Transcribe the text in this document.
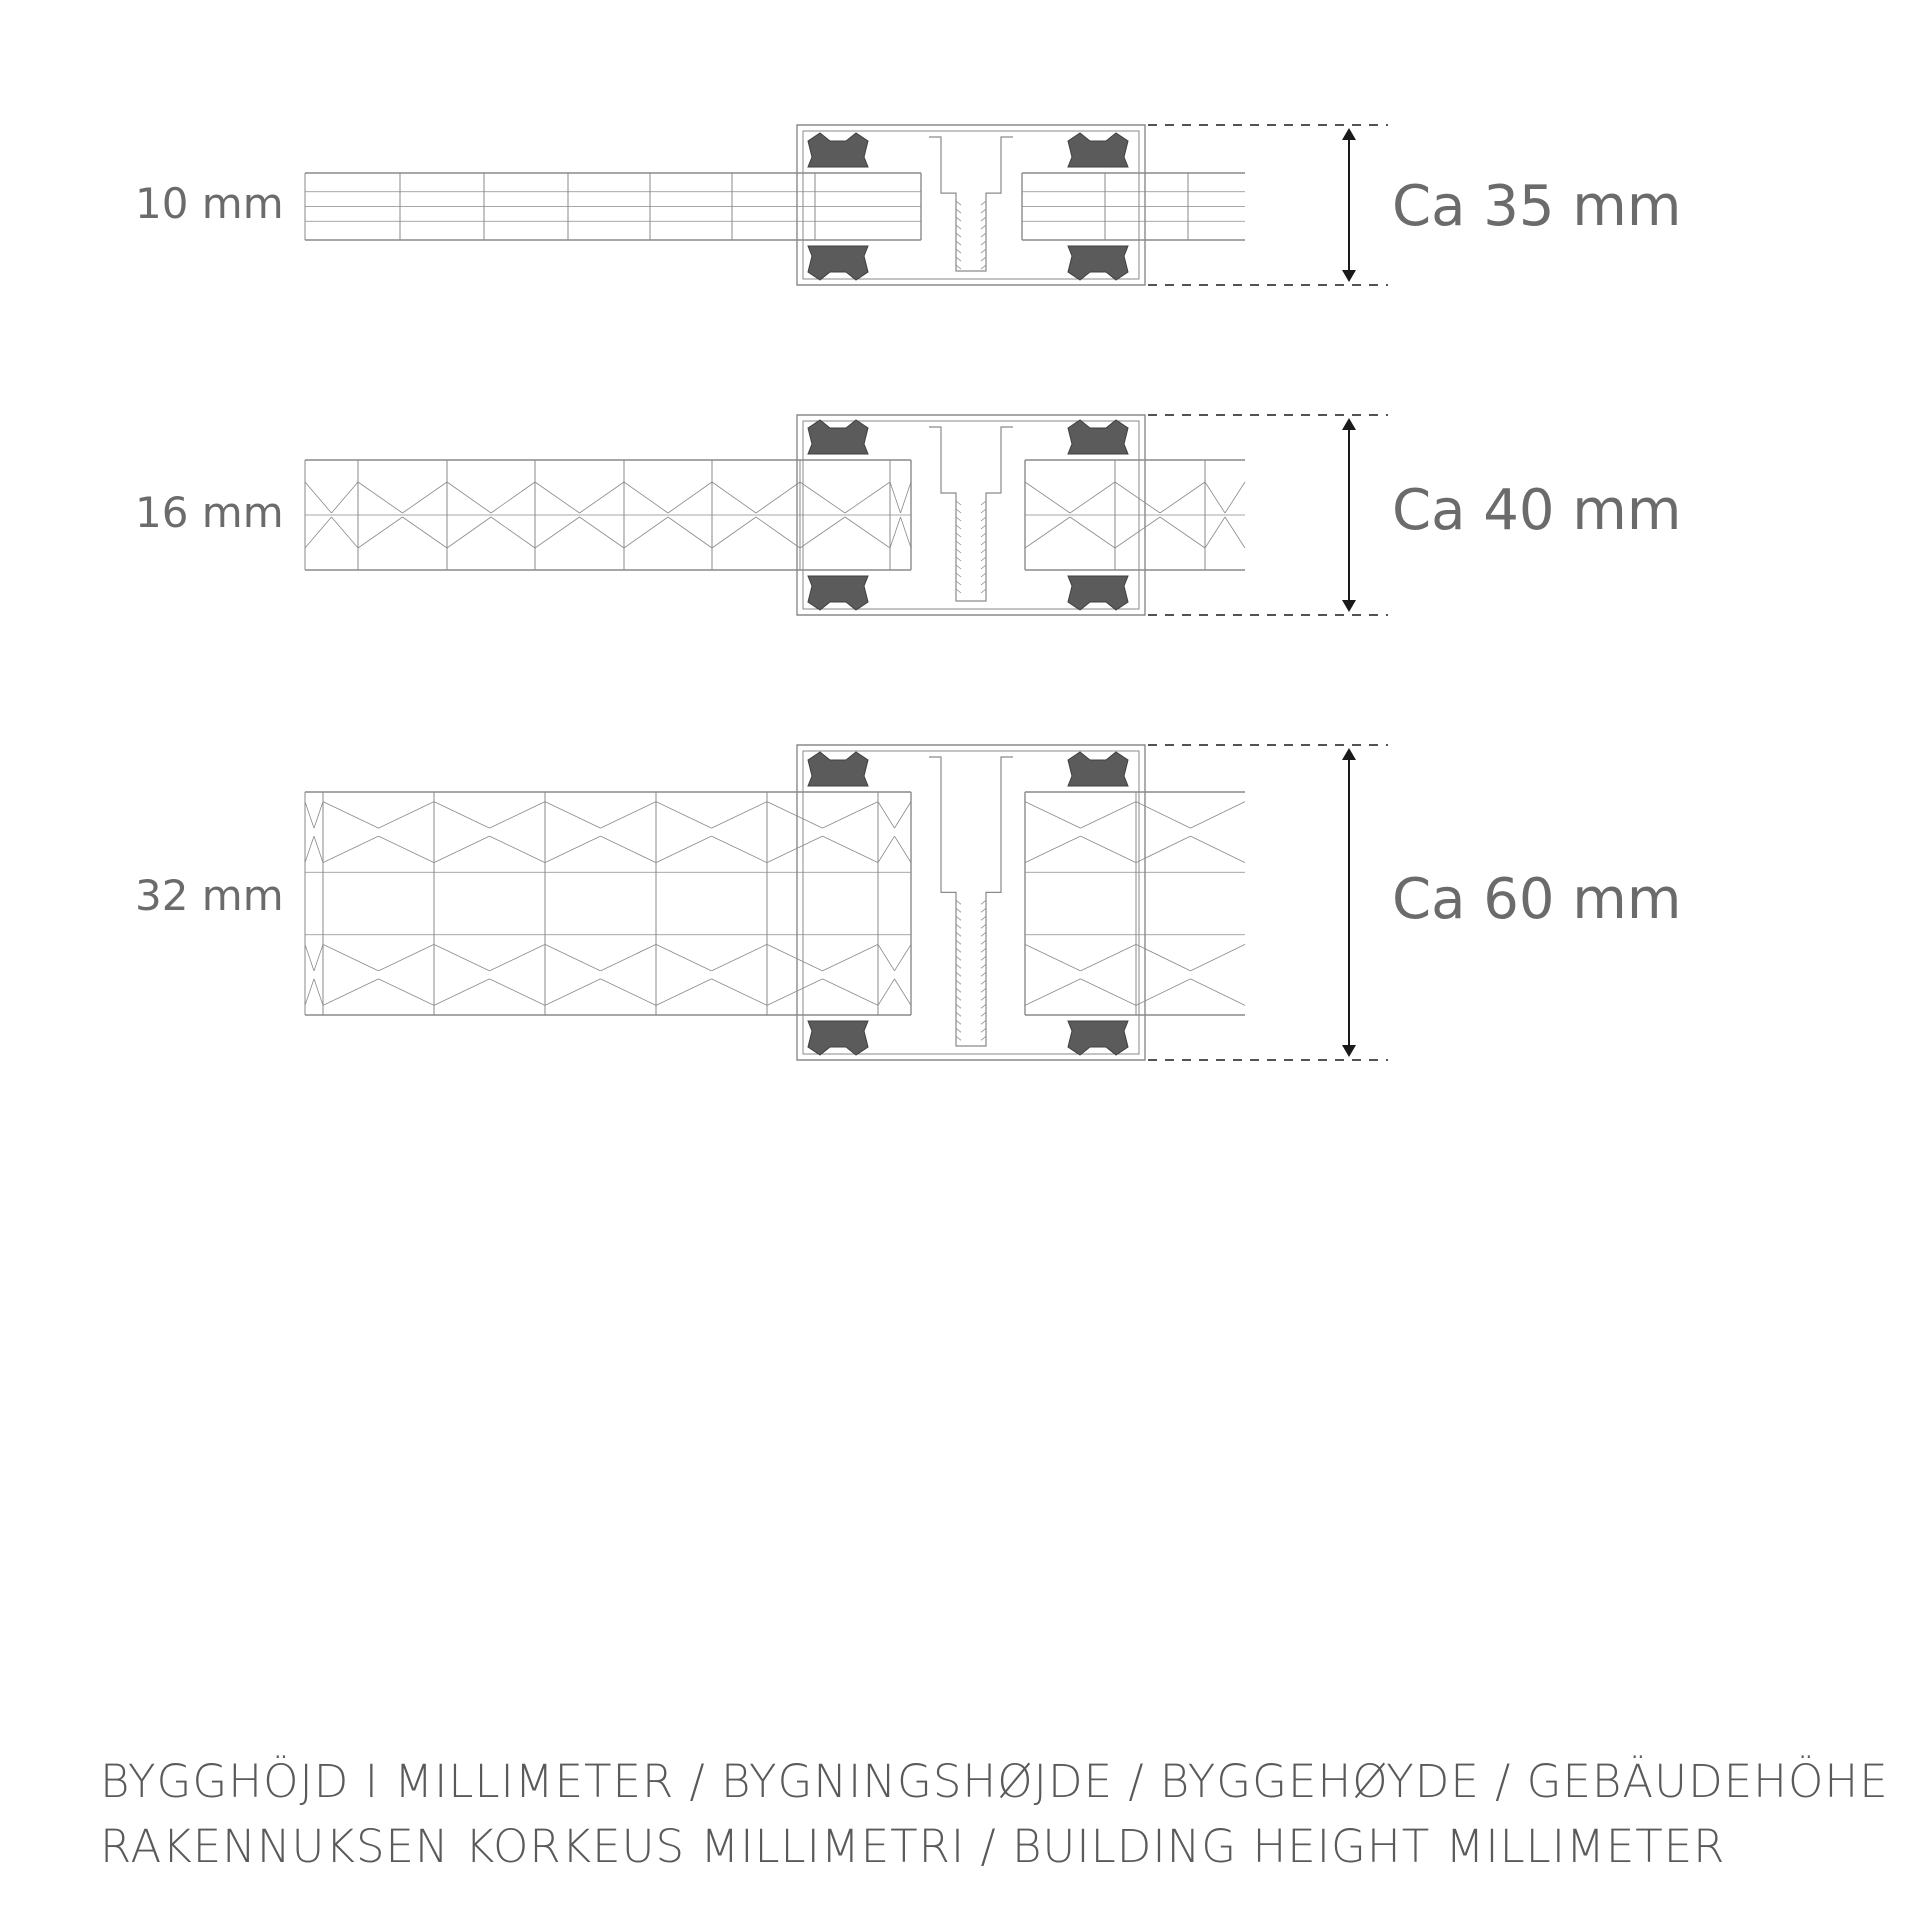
10 mm	Ca 35 mm
16 mm	Ca 40 mm
32 mm	Ca 60 mm
BYGGHÖJD I MILLIMETER / BYGNINGSHØJDE / BYGGEHØYDE / GEBÄUDEHÖHE
RAKENNUKSEN KORKEUS MILLIMETRI / BUILDING HEIGHT MILLIMETER
